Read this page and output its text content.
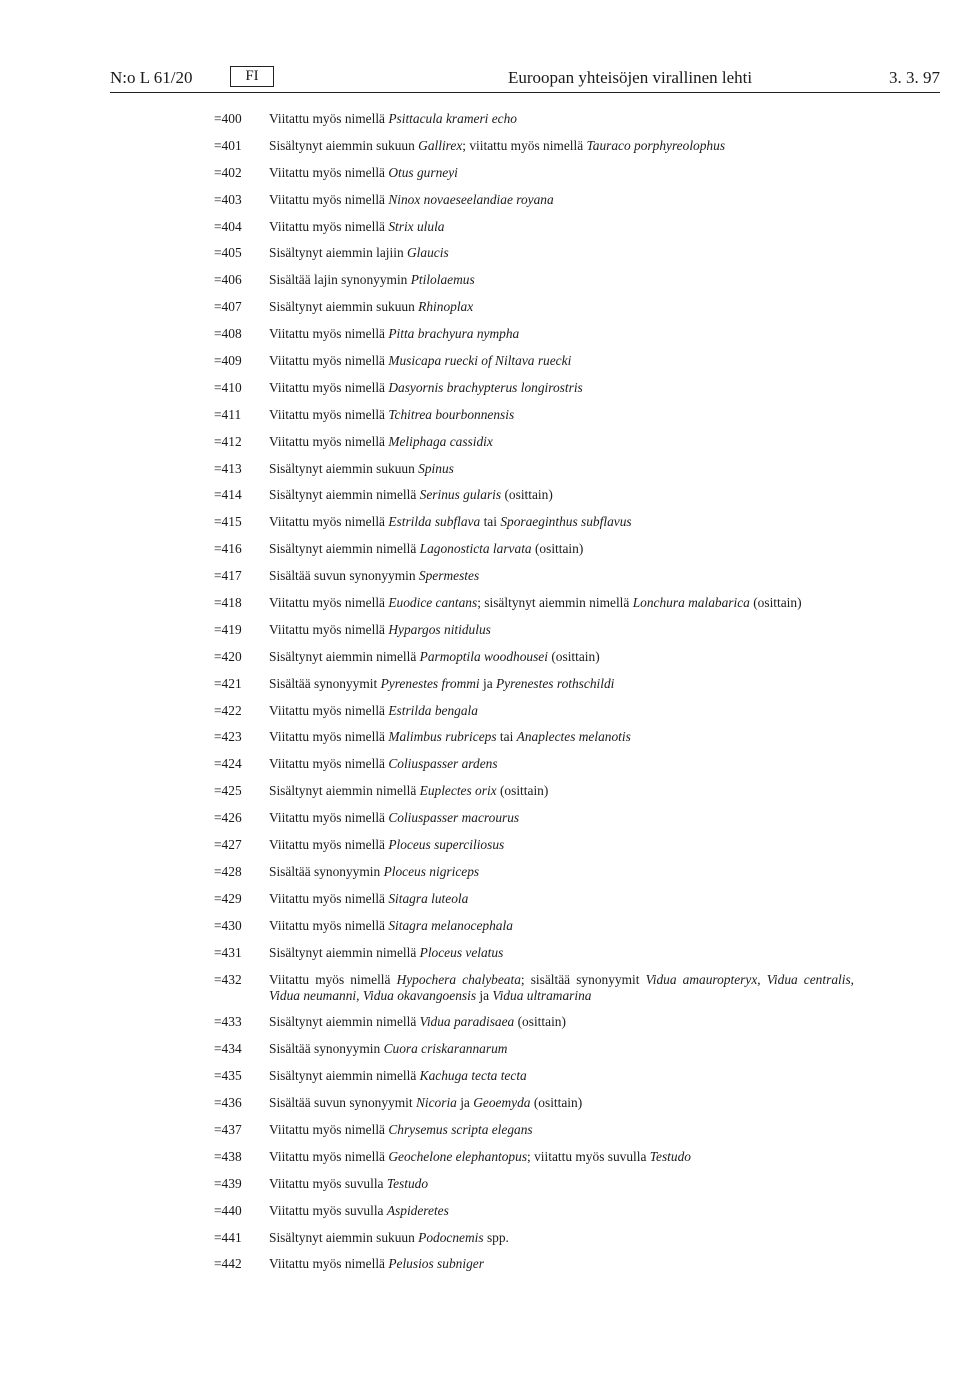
N:o L 61/20	FI	Euroopan yhteisöjen virallinen lehti	3. 3. 97
=400	Viitattu myös nimellä Psittacula krameri echo
=401	Sisältynyt aiemmin sukuun Gallirex; viitattu myös nimellä Tauraco porphyreolophus
=402	Viitattu myös nimellä Otus gurneyi
=403	Viitattu myös nimellä Ninox novaeseelandiae royana
=404	Viitattu myös nimellä Strix ulula
=405	Sisältynyt aiemmin lajiin Glaucis
=406	Sisältää lajin synonyymin Ptilolaemus
=407	Sisältynyt aiemmin sukuun Rhinoplax
=408	Viitattu myös nimellä Pitta brachyura nympha
=409	Viitattu myös nimellä Musicapa ruecki of Niltava ruecki
=410	Viitattu myös nimellä Dasyornis brachypterus longirostris
=411	Viitattu myös nimellä Tchitrea bourbonnensis
=412	Viitattu myös nimellä Meliphaga cassidix
=413	Sisältynyt aiemmin sukuun Spinus
=414	Sisältynyt aiemmin nimellä Serinus gularis (osittain)
=415	Viitattu myös nimellä Estrilda subflava tai Sporaeginthus subflavus
=416	Sisältynyt aiemmin nimellä Lagonosticta larvata (osittain)
=417	Sisältää suvun synonyymin Spermestes
=418	Viitattu myös nimellä Euodice cantans; sisältynyt aiemmin nimellä Lonchura malabarica (osittain)
=419	Viitattu myös nimellä Hypargos nitidulus
=420	Sisältynyt aiemmin nimellä Parmoptila woodhousei (osittain)
=421	Sisältää synonyymit Pyrenestes frommi ja Pyrenestes rothschildi
=422	Viitattu myös nimellä Estrilda bengala
=423	Viitattu myös nimellä Malimbus rubriceps tai Anaplectes melanotis
=424	Viitattu myös nimellä Coliuspasser ardens
=425	Sisältynyt aiemmin nimellä Euplectes orix (osittain)
=426	Viitattu myös nimellä Coliuspasser macrourus
=427	Viitattu myös nimellä Ploceus superciliosus
=428	Sisältää synonyymin Ploceus nigriceps
=429	Viitattu myös nimellä Sitagra luteola
=430	Viitattu myös nimellä Sitagra melanocephala
=431	Sisältynyt aiemmin nimellä Ploceus velatus
=432	Viitattu myös nimellä Hypochera chalybeata; sisältää synonyymit Vidua amauropteryx, Vidua centralis, Vidua neumanni, Vidua okavangoensis ja Vidua ultramarina
=433	Sisältynyt aiemmin nimellä Vidua paradisaea (osittain)
=434	Sisältää synonyymin Cuora criskarannarum
=435	Sisältynyt aiemmin nimellä Kachuga tecta tecta
=436	Sisältää suvun synonyymit Nicoria ja Geoemyda (osittain)
=437	Viitattu myös nimellä Chrysemus scripta elegans
=438	Viitattu myös nimellä Geochelone elephantopus; viitattu myös suvulla Testudo
=439	Viitattu myös suvulla Testudo
=440	Viitattu myös suvulla Aspideretes
=441	Sisältynyt aiemmin sukuun Podocnemis spp.
=442	Viitattu myös nimellä Pelusios subniger
